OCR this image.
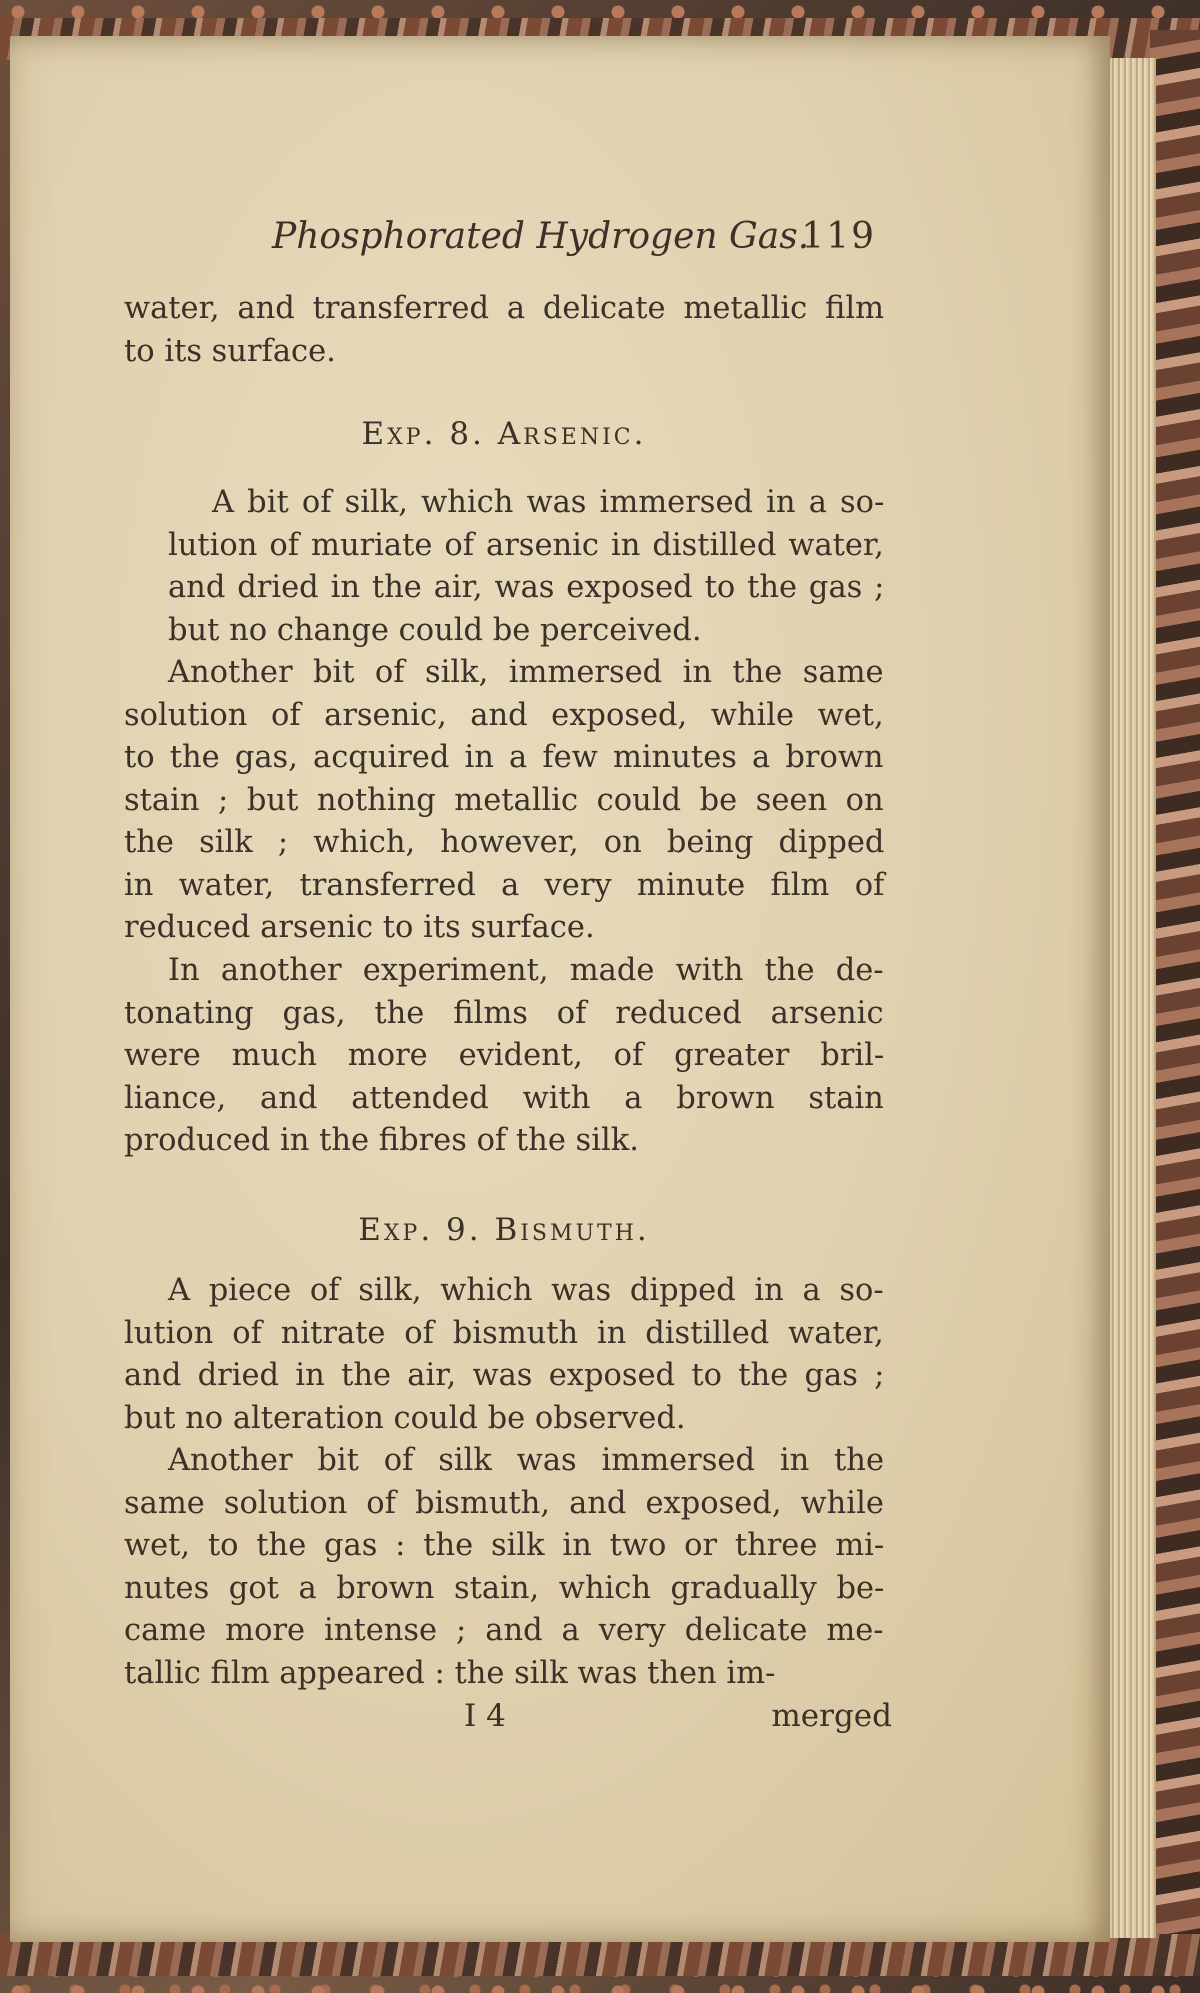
Phosphorated Hydrogen Gas.
119

water, and transferred a delicate metallic film
to its surface.

Exp. 8. Arsenic.

A bit of silk, which was immersed in a so-
lution of muriate of arsenic in distilled water,
and dried in the air, was exposed to the gas ;
but no change could be perceived.

Another bit of silk, immersed in the same
solution of arsenic, and exposed, while wet,
to the gas, acquired in a few minutes a brown
stain ; but nothing metallic could be seen on
the silk ; which, however, on being dipped
in water, transferred a very minute film of
reduced arsenic to its surface.

In another experiment, made with the de-
tonating gas, the films of reduced arsenic
were much more evident, of greater bril-
liance, and attended with a brown stain
produced in the fibres of the silk.

Exp. 9. Bismuth.

A piece of silk, which was dipped in a so-
lution of nitrate of bismuth in distilled water,
and dried in the air, was exposed to the gas ;
but no alteration could be observed.

Another bit of silk was immersed in the
same solution of bismuth, and exposed, while
wet, to the gas : the silk in two or three mi-
nutes got a brown stain, which gradually be-
came more intense ; and a very delicate me-
tallic film appeared : the silk was then im-

I 4	merged
